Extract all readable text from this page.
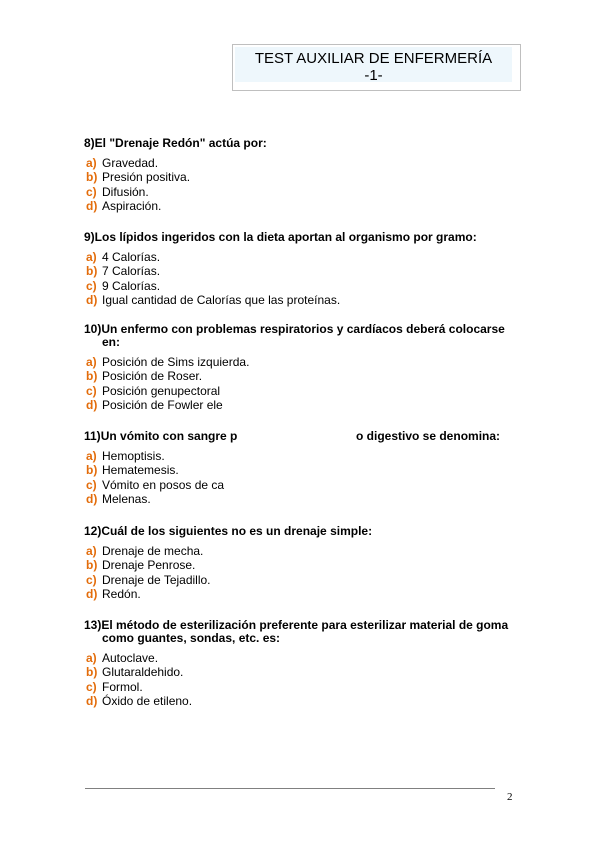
TEST AUXILIAR DE ENFERMERÍA
-1-

8)El "Drenaje Redón" actúa por:

a) Gravedad.
b) Presión positiva.
c) Difusión.
d) Aspiración.

9)Los lípidos ingeridos con la dieta aportan al organismo por gramo:

a) 4 Calorías.
b) 7 Calorías.
c) 9 Calorías.
d) Igual cantidad de Calorías que las proteínas.

10)Un enfermo con problemas respiratorios y cardíacos deberá colocarse en:

a) Posición de Sims izquierda.
b) Posición de Roser.
c) Posición genupectoral
d) Posición de Fowler ele

11)Un vómito con sangre p	o digestivo se denomina:

a) Hemoptisis.
b) Hematemesis.
c) Vómito en posos de ca
d) Melenas.

12)Cuál de los siguientes no es un drenaje simple:

a) Drenaje de mecha.
b) Drenaje Penrose.
c) Drenaje de Tejadillo.
d) Redón.

13)El método de esterilización preferente para esterilizar material de goma como guantes, sondas, etc. es:

a) Autoclave.
b) Glutaraldehido.
c) Formol.
d) Óxido de etileno.
2
